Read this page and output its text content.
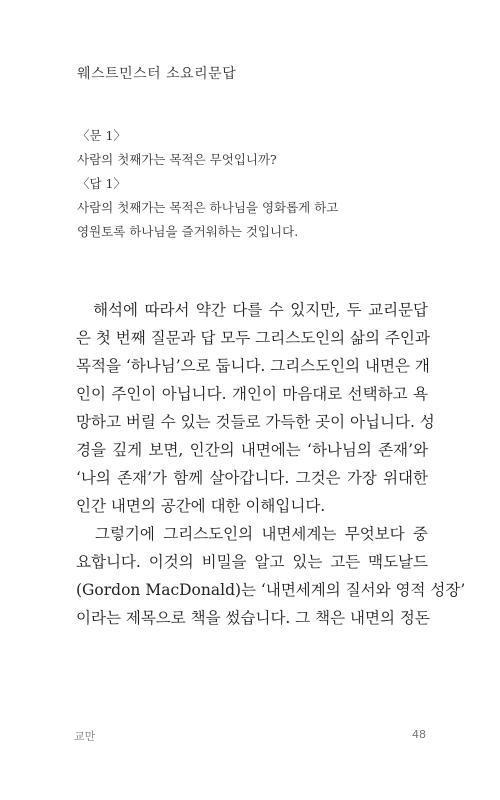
웨스트민스터 소요리문답
〈문 1〉
사람의 첫째가는 목적은 무엇입니까?
〈답 1〉
사람의 첫째가는 목적은 하나님을 영화롭게 하고
영원토록 하나님을 즐거워하는 것입니다.
　해석에 따라서 약간 다를 수 있지만, 두 교리문답
은 첫 번째 질문과 답 모두 그리스도인의 삶의 주인과
목적을 ‘하나님’으로 둡니다. 그리스도인의 내면은 개
인이 주인이 아닙니다. 개인이 마음대로 선택하고 욕
망하고 버릴 수 있는 것들로 가득한 곳이 아닙니다. 성
경을 깊게 보면, 인간의 내면에는 ‘하나님의 존재’와
‘나의 존재’가 함께 살아갑니다. 그것은 가장 위대한
인간 내면의 공간에 대한 이해입니다.
　그렇기에 그리스도인의 내면세계는 무엇보다 중
요합니다. 이것의 비밀을 알고 있는 고든 맥도날드
(Gordon MacDonald)는 ‘내면세계의 질서와 영적 성장’
이라는 제목으로 책을 썼습니다. 그 책은 내면의 정돈
교만	48
